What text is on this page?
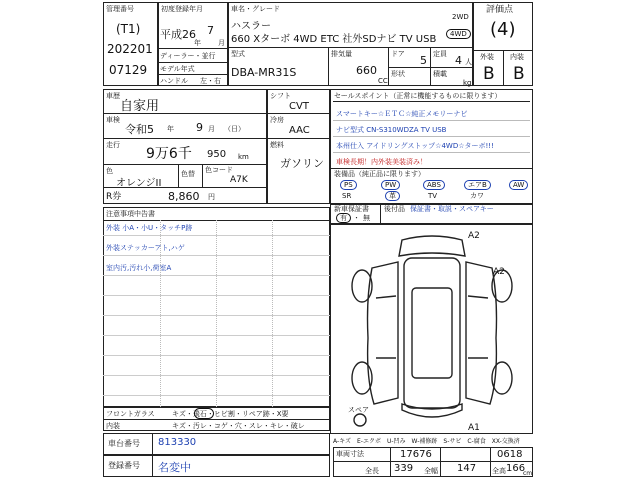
管理番号
(T1)
202201
07129
初度登録年月
平成26
年
7
月
ディーラー・並行
モデル年式
ハンドル 左・右
車名・グレード
ハスラー
660 Xターボ 4WD ETC 社外SDナビ TV USB
2WD
4WD
型式
DBA-MR31S
排気量
660
CC
ドア 5 定員 4 人
形状	積載
kg
評価点
(4)
外装 内装
B B
車歴
自家用
車検
令和5 年 9 月 （日）
走行
9万6千 950 km
色
オレンジII
色替 色コード
A7K
R券	8,860 円
シフト
CVT
冷房
AAC
燃料
ガソリン
セールスポイント（正常に機能するものに限ります）
スマートキー☆ＥＴＣ☆純正メモリーナビ
ナビ型式 CN-S310WDZA TV USB
本州仕入 アイドリングストップ☆4WD☆ターボ!!!
車検長期！内外装美装済み！
装備品（純正品に限ります）
PS	PW	ABS	エアB	AW
SR	革	TV	カワ
新車保証書
有 ・ 無
後付品 保証書・取説・スペアキー
注意事項中告書
外装 小A・小U・タッチP跡
外装ステッカーアト,ハゲ
室内汚,汚れ小,荷室A
A2
A2
A1
スペア
フロントガラス キズ・飛石・ヒビ割・リペア跡・X要
内装	キズ・汚レ・コゲ・穴・スレ・キレ・破レ
車台番号 813330
登録番号 名変中
A-キズ　E-エクボ　U-凹み　W-補修跡　S-サビ　C-腐食　XX-交換済
車両寸法	17676	0618
全長 339 全幅 147 全高 166
cm
